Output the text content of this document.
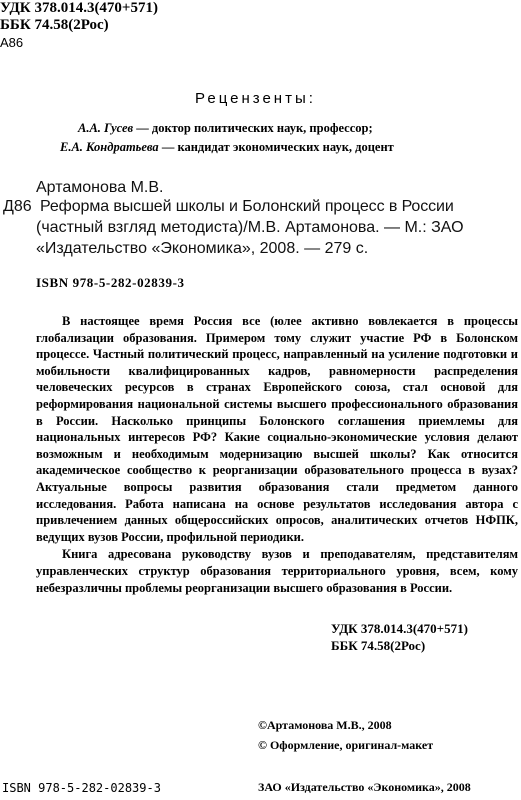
УДК 378.014.3(470+571)
ББК 74.58(2Рос)
А86
Рецензенты:
А.А. Гусев — доктор политических наук, профессор;
Е.А. Кондратьева — кандидат экономических наук, доцент
Артамонова М.В.
Д86 Реформа высшей школы и Болонский процесс в России
(частный взгляд методиста)/М.В. Артамонова. — М.: ЗАО
«Издательство «Экономика», 2008. — 279 с.
ISBN 978-5-282-02839-3

В настоящее время Россия все (юлее активно вовлекается в процессы глобализации образования. Примером тому служит участие РФ в Болонском процессе. Частный политический процесс, направленный на усиление подготовки и мобильности квалифицированных кадров, равномерности распределения человеческих ресурсов в странах Европейского союза, стал основой для реформирования национальной системы высшего профессионального образования в России. Насколько принципы Болонского соглашения приемлемы для национальных интересов РФ? Какие социально-экономические условия делают возможным и необходимым модернизацию высшей школы? Как относится академическое сообщество к реорганизации образовательного процесса в вузах? Актуальные вопросы развития образования стали предметом данного исследования. Работа написана на основе результатов исследования автора с привлечением данных общероссийских опросов, аналитических отчетов НФПК, ведущих вузов России, профильной периодики.

Книга адресована руководству вузов и преподавателям, представителям управленческих структур образования территориального уровня, всем, кому небезразличны проблемы реорганизации высшего образования в России.

УДК 378.014.3(470+571)
ББК 74.58(2Рос)
©Артамонова М.В., 2008
© Оформление, оригинал-макет
ISBN 978-5-282-02839-3	ЗАО «Издательство «Экономика», 2008
